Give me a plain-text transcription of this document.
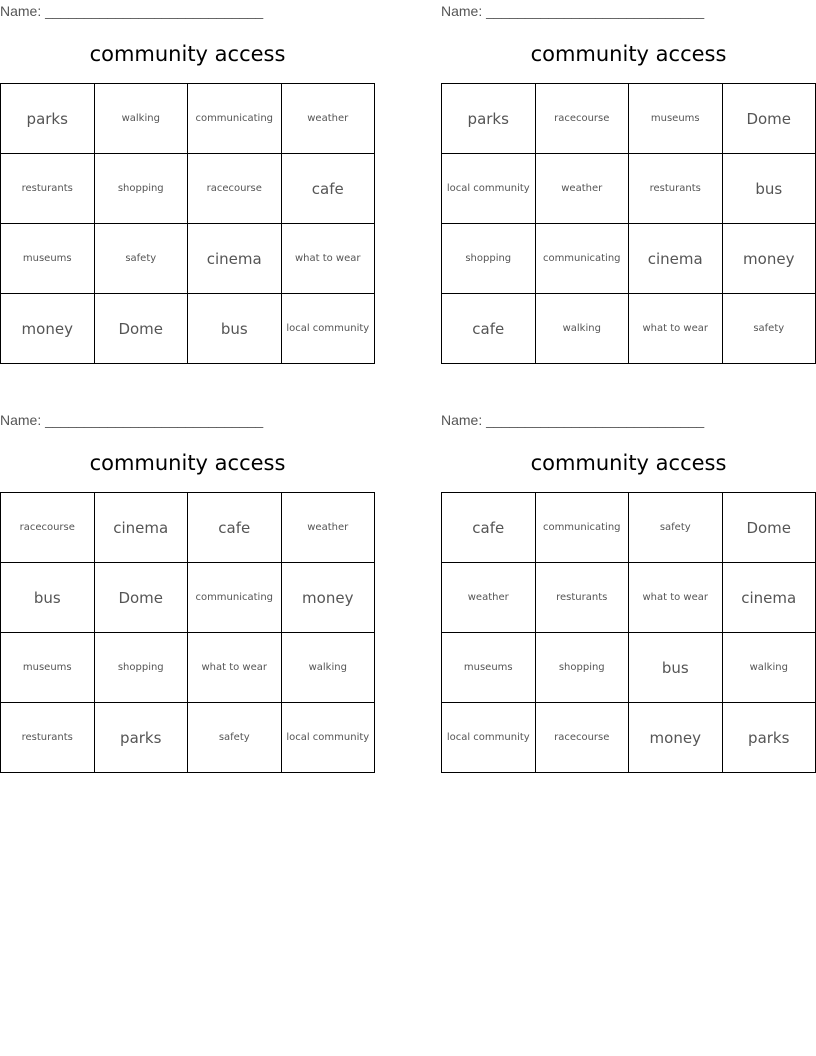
Name: ____________________________
community access
parks	walking	communicating	weather
resturants	shopping	racecourse	cafe
museums	safety	cinema	what to wear
money	Dome	bus	local community
Name: ____________________________
community access
parks	racecourse	museums	Dome
local community	weather	resturants	bus
shopping	communicating	cinema	money
cafe	walking	what to wear	safety
Name: ____________________________
community access
racecourse	cinema	cafe	weather
bus	Dome	communicating	money
museums	shopping	what to wear	walking
resturants	parks	safety	local community
Name: ____________________________
community access
cafe	communicating	safety	Dome
weather	resturants	what to wear	cinema
museums	shopping	bus	walking
local community	racecourse	money	parks
